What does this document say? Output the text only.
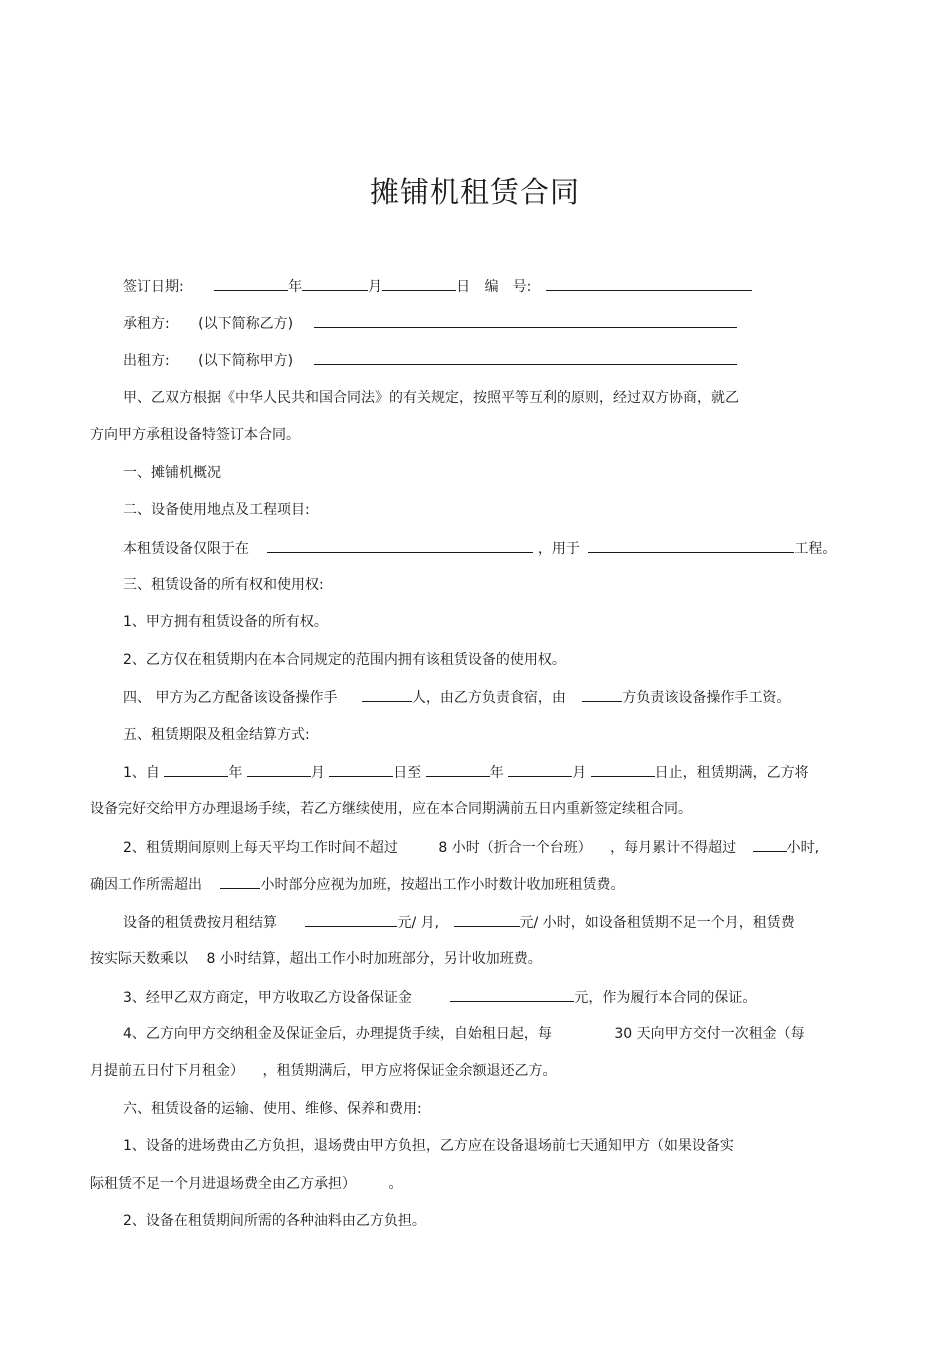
摊铺机租赁合同
签订日期:	年	月	日 编　号:
承租方: (以下简称乙方)
出租方: (以下简称甲方)
甲、乙双方根据《中华人民共和国合同法》的有关规定，按照平等互利的原则，经过双方协商，就乙
方向甲方承租设备特签订本合同。
一、摊铺机概况
二、设备使用地点及工程项目:
本租赁设备仅限于在	，用于	工程。
三、租赁设备的所有权和使用权:
1、甲方拥有租赁设备的所有权。
2、乙方仅在租赁期内在本合同规定的范围内拥有该租赁设备的使用权。
四、 甲方为乙方配备该设备操作手	人，由乙方负责食宿，由	方负责该设备操作手工资。
五、租赁期限及租金结算方式:
1、自	年	月	日至	年	月	日止，租赁期满，乙方将
设备完好交给甲方办理退场手续，若乙方继续使用，应在本合同期满前五日内重新签定续租合同。
2、租赁期间原则上每天平均工作时间不超过	8 小时（折合一个台班） ，每月累计不得超过	小时,
确因工作所需超出	小时部分应视为加班，按超出工作小时数计收加班租赁费。
设备的租赁费按月租结算	元/ 月,	元/ 小时，如设备租赁期不足一个月，租赁费
按实际天数乘以 8 小时结算，超出工作小时加班部分，另计收加班费。
3、经甲乙双方商定，甲方收取乙方设备保证金	元，作为履行本合同的保证。
4、乙方向甲方交纳租金及保证金后，办理提货手续，自始租日起，每	30 天向甲方交付一次租金（每
月提前五日付下月租金） ，租赁期满后，甲方应将保证金余额退还乙方。
六、租赁设备的运输、使用、维修、保养和费用:
1、设备的进场费由乙方负担，退场费由甲方负担，乙方应在设备退场前七天通知甲方（如果设备实
际租赁不足一个月进退场费全由乙方承担） 。
2、设备在租赁期间所需的各种油料由乙方负担。
